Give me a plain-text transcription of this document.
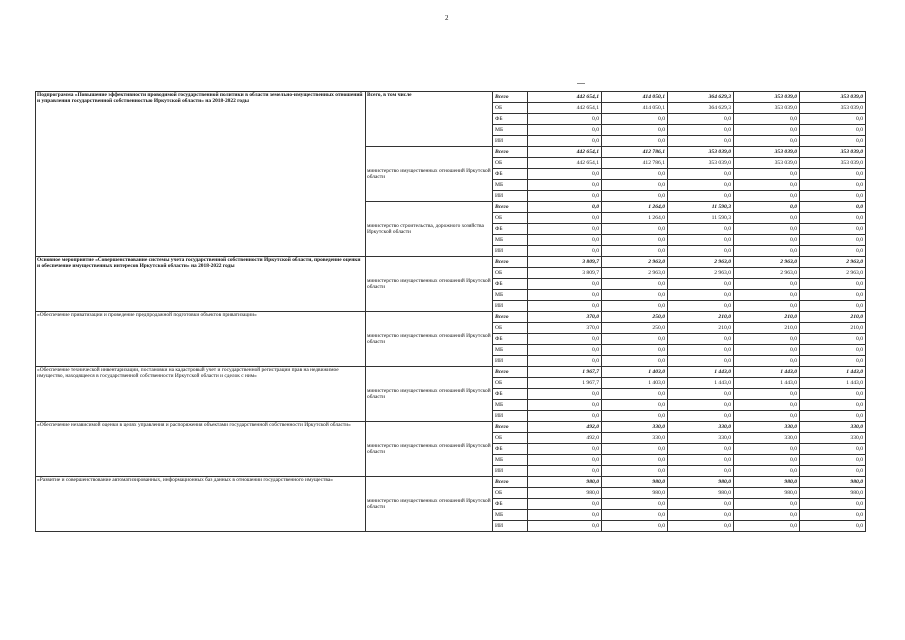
2
Подпрограмма «Повышение эффективности проводимой государственной политики в области земельно-имущественных отношений и управления государственной собственностью Иркутской области» на 2018-2022 годы	Всего, в том числе	Всего	442 654,1	414 050,1	364 629,3	353 039,0	353 039,0
		ОБ	442 654,1	414 050,1	364 629,3	353 039,0	353 039,0
		ФБ	0,0	0,0	0,0	0,0	0,0
		МБ	0,0	0,0	0,0	0,0	0,0
		ИИ	0,0	0,0	0,0	0,0	0,0
	министерство имущественных отношений Иркутской области	Всего	442 654,1	412 786,1	353 039,0	353 039,0	353 039,0
		ОБ	442 654,1	412 786,1	353 039,0	353 039,0	353 039,0
		ФБ	0,0	0,0	0,0	0,0	0,0
		МБ	0,0	0,0	0,0	0,0	0,0
		ИИ	0,0	0,0	0,0	0,0	0,0
	министерство строительства, дорожного хозяйства Иркутской области	Всего	0,0	1 264,0	11 590,3	0,0	0,0
		ОБ	0,0	1 264,0	11 590,3	0,0	0,0
		ФБ	0,0	0,0	0,0	0,0	0,0
		МБ	0,0	0,0	0,0	0,0	0,0
		ИИ	0,0	0,0	0,0	0,0	0,0
Основное мероприятие «Совершенствование системы учета государственной собственности Иркутской области, проведение оценки и обеспечение имущественных интересов Иркутской области» на 2018-2022 годы	министерство имущественных отношений Иркутской области	Всего	3 809,7	2 963,0	2 963,0	2 963,0	2 963,0
		ОБ	3 809,7	2 963,0	2 963,0	2 963,0	2 963,0
		ФБ	0,0	0,0	0,0	0,0	0,0
		МБ	0,0	0,0	0,0	0,0	0,0
		ИИ	0,0	0,0	0,0	0,0	0,0
«Обеспечение приватизации и проведение предпродажной подготовки объектов приватизации»	министерство имущественных отношений Иркутской области	Всего	370,0	250,0	210,0	210,0	210,0
		ОБ	370,0	250,0	210,0	210,0	210,0
		ФБ	0,0	0,0	0,0	0,0	0,0
		МБ	0,0	0,0	0,0	0,0	0,0
		ИИ	0,0	0,0	0,0	0,0	0,0
«Обеспечение технической инвентаризации, постановки на кадастровый учет и государственной регистрации прав на недвижимое имущество, находящееся в государственной собственности Иркутской области и сделок с ним»	министерство имущественных отношений Иркутской области	Всего	1 967,7	1 403,0	1 443,0	1 443,0	1 443,0
		ОБ	1 967,7	1 403,0	1 443,0	1 443,0	1 443,0
		ФБ	0,0	0,0	0,0	0,0	0,0
		МБ	0,0	0,0	0,0	0,0	0,0
		ИИ	0,0	0,0	0,0	0,0	0,0
«Обеспечение независимой оценки в целях управления и распоряжения объектами государственной собственности Иркутской области»	министерство имущественных отношений Иркутской области	Всего	492,0	330,0	330,0	330,0	330,0
		ОБ	492,0	330,0	330,0	330,0	330,0
		ФБ	0,0	0,0	0,0	0,0	0,0
		МБ	0,0	0,0	0,0	0,0	0,0
		ИИ	0,0	0,0	0,0	0,0	0,0
«Развитие и совершенствование автоматизированных, информационных баз данных в отношении государственного имущества»	министерство имущественных отношений Иркутской области	Всего	980,0	980,0	980,0	980,0	980,0
		ОБ	980,0	980,0	980,0	980,0	980,0
		ФБ	0,0	0,0	0,0	0,0	0,0
		МБ	0,0	0,0	0,0	0,0	0,0
		ИИ	0,0	0,0	0,0	0,0	0,0
